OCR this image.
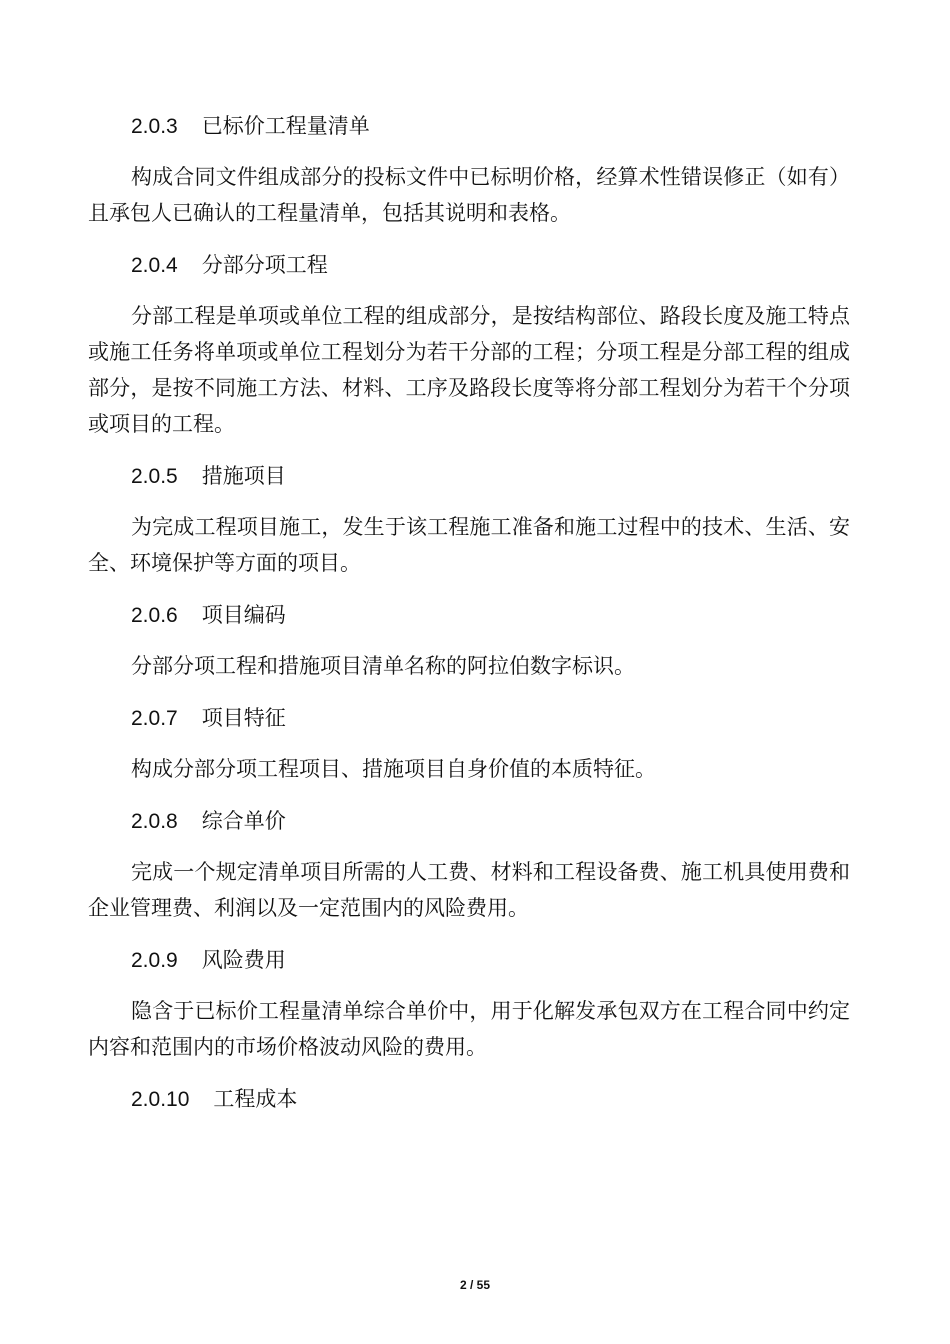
2.0.3 已标价工程量清单

构成合同文件组成部分的投标文件中已标明价格，经算术性错误修正（如有）且承包人已确认的工程量清单，包括其说明和表格。

2.0.4 分部分项工程

分部工程是单项或单位工程的组成部分，是按结构部位、路段长度及施工特点或施工任务将单项或单位工程划分为若干分部的工程；分项工程是分部工程的组成部分，是按不同施工方法、材料、工序及路段长度等将分部工程划分为若干个分项或项目的工程。

2.0.5 措施项目

为完成工程项目施工，发生于该工程施工准备和施工过程中的技术、生活、安全、环境保护等方面的项目。

2.0.6 项目编码

分部分项工程和措施项目清单名称的阿拉伯数字标识。

2.0.7 项目特征

构成分部分项工程项目、措施项目自身价值的本质特征。

2.0.8 综合单价

完成一个规定清单项目所需的人工费、材料和工程设备费、施工机具使用费和企业管理费、利润以及一定范围内的风险费用。

2.0.9 风险费用

隐含于已标价工程量清单综合单价中，用于化解发承包双方在工程合同中约定内容和范围内的市场价格波动风险的费用。

2.0.10 工程成本
2 / 55
